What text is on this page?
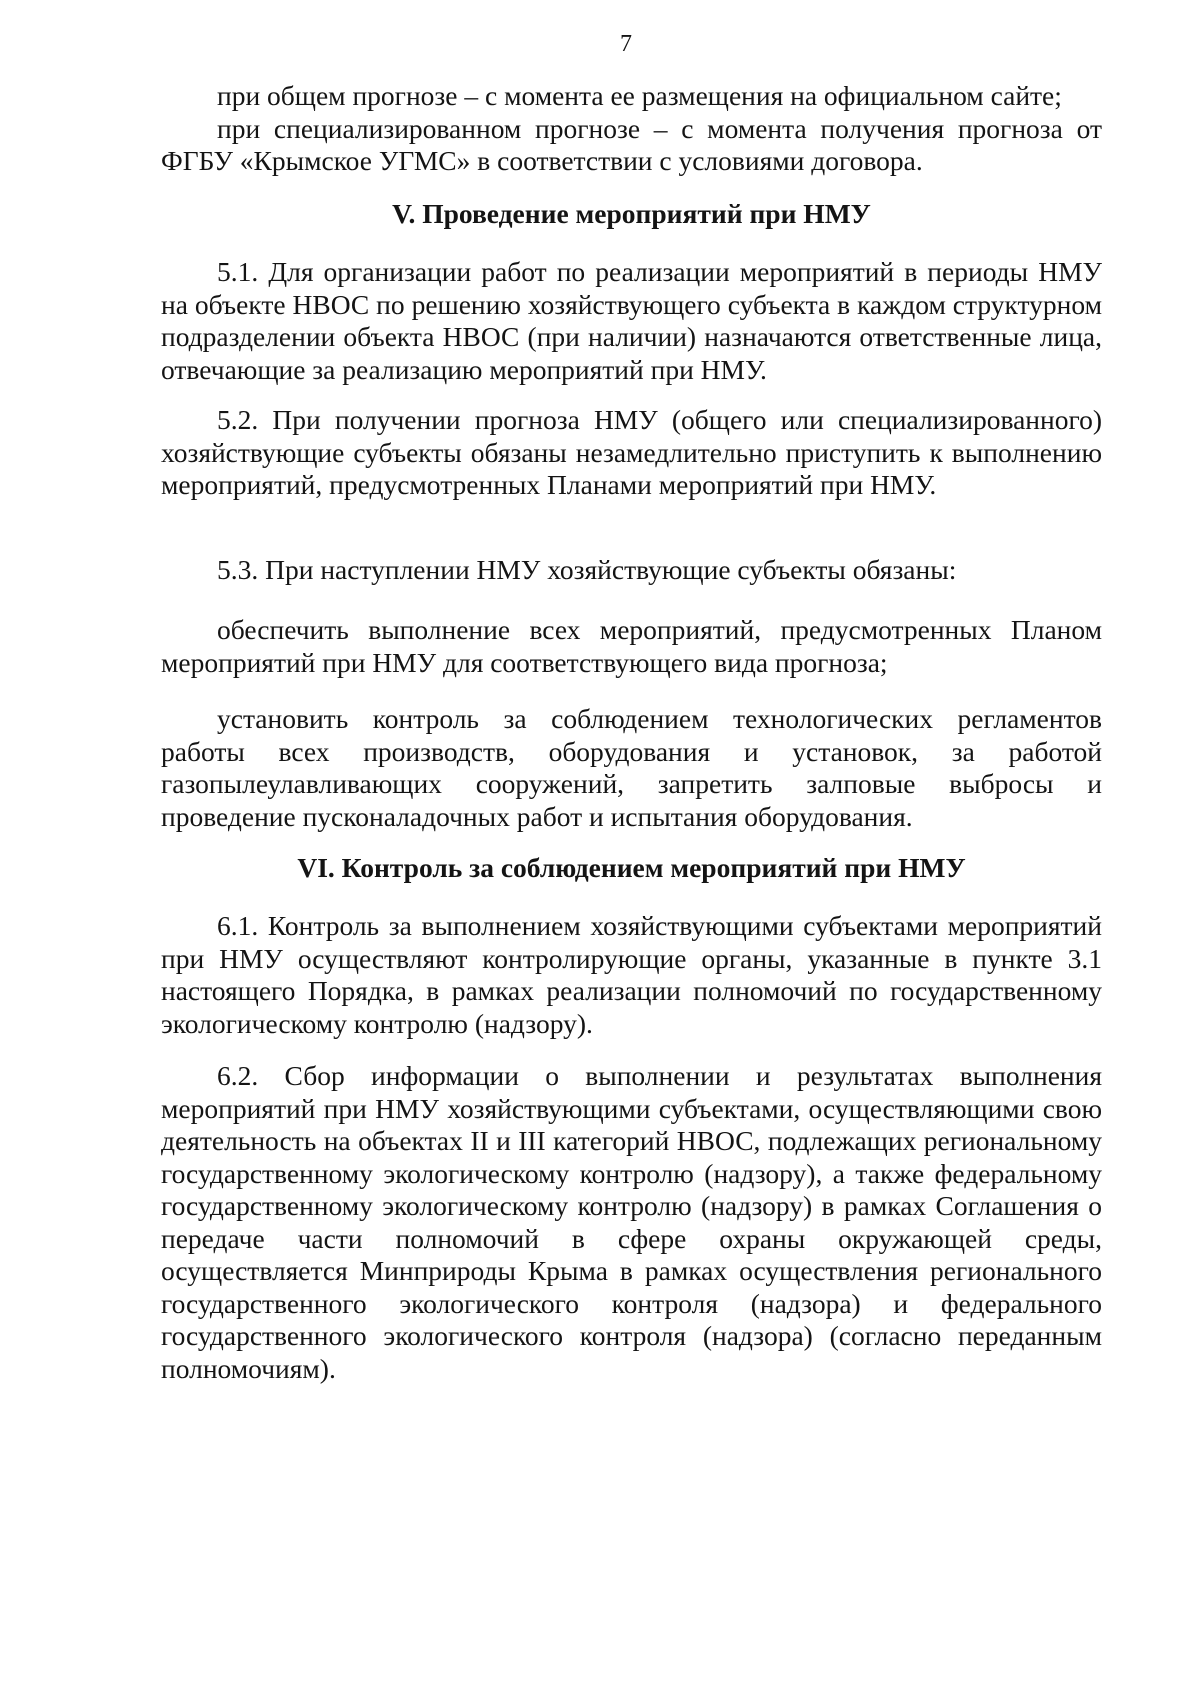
7

при общем прогнозе – с момента ее размещения на официальном сайте;

при специализированном прогнозе – с момента получения прогноза от ФГБУ «Крымское УГМС» в соответствии с условиями договора.

V. Проведение мероприятий при НМУ

5.1. Для организации работ по реализации мероприятий в периоды НМУ на объекте НВОС по решению хозяйствующего субъекта в каждом структурном подразделении объекта НВОС (при наличии) назначаются ответственные лица, отвечающие за реализацию мероприятий при НМУ.

5.2. При получении прогноза НМУ (общего или специализированного) хозяйствующие субъекты обязаны незамедлительно приступить к выполнению мероприятий, предусмотренных Планами мероприятий при НМУ.

5.3. При наступлении НМУ хозяйствующие субъекты обязаны:

обеспечить выполнение всех мероприятий, предусмотренных Планом мероприятий при НМУ для соответствующего вида прогноза;

установить контроль за соблюдением технологических регламентов работы всех производств, оборудования и установок, за работой газопылеулавливающих сооружений, запретить залповые выбросы и проведение пусконаладочных работ и испытания оборудования.

VI. Контроль за соблюдением мероприятий при НМУ

6.1. Контроль за выполнением хозяйствующими субъектами мероприятий при НМУ осуществляют контролирующие органы, указанные в пункте 3.1 настоящего Порядка, в рамках реализации полномочий по государственному экологическому контролю (надзору).

6.2. Сбор информации о выполнении и результатах выполнения мероприятий при НМУ хозяйствующими субъектами, осуществляющими свою деятельность на объектах II и III категорий НВОС, подлежащих региональному государственному экологическому контролю (надзору), а также федеральному государственному экологическому контролю (надзору) в рамках Соглашения о передаче части полномочий в сфере охраны окружающей среды, осуществляется Минприроды Крыма в рамках осуществления регионального государственного экологического контроля (надзора) и федерального государственного экологического контроля (надзора) (согласно переданным полномочиям).
